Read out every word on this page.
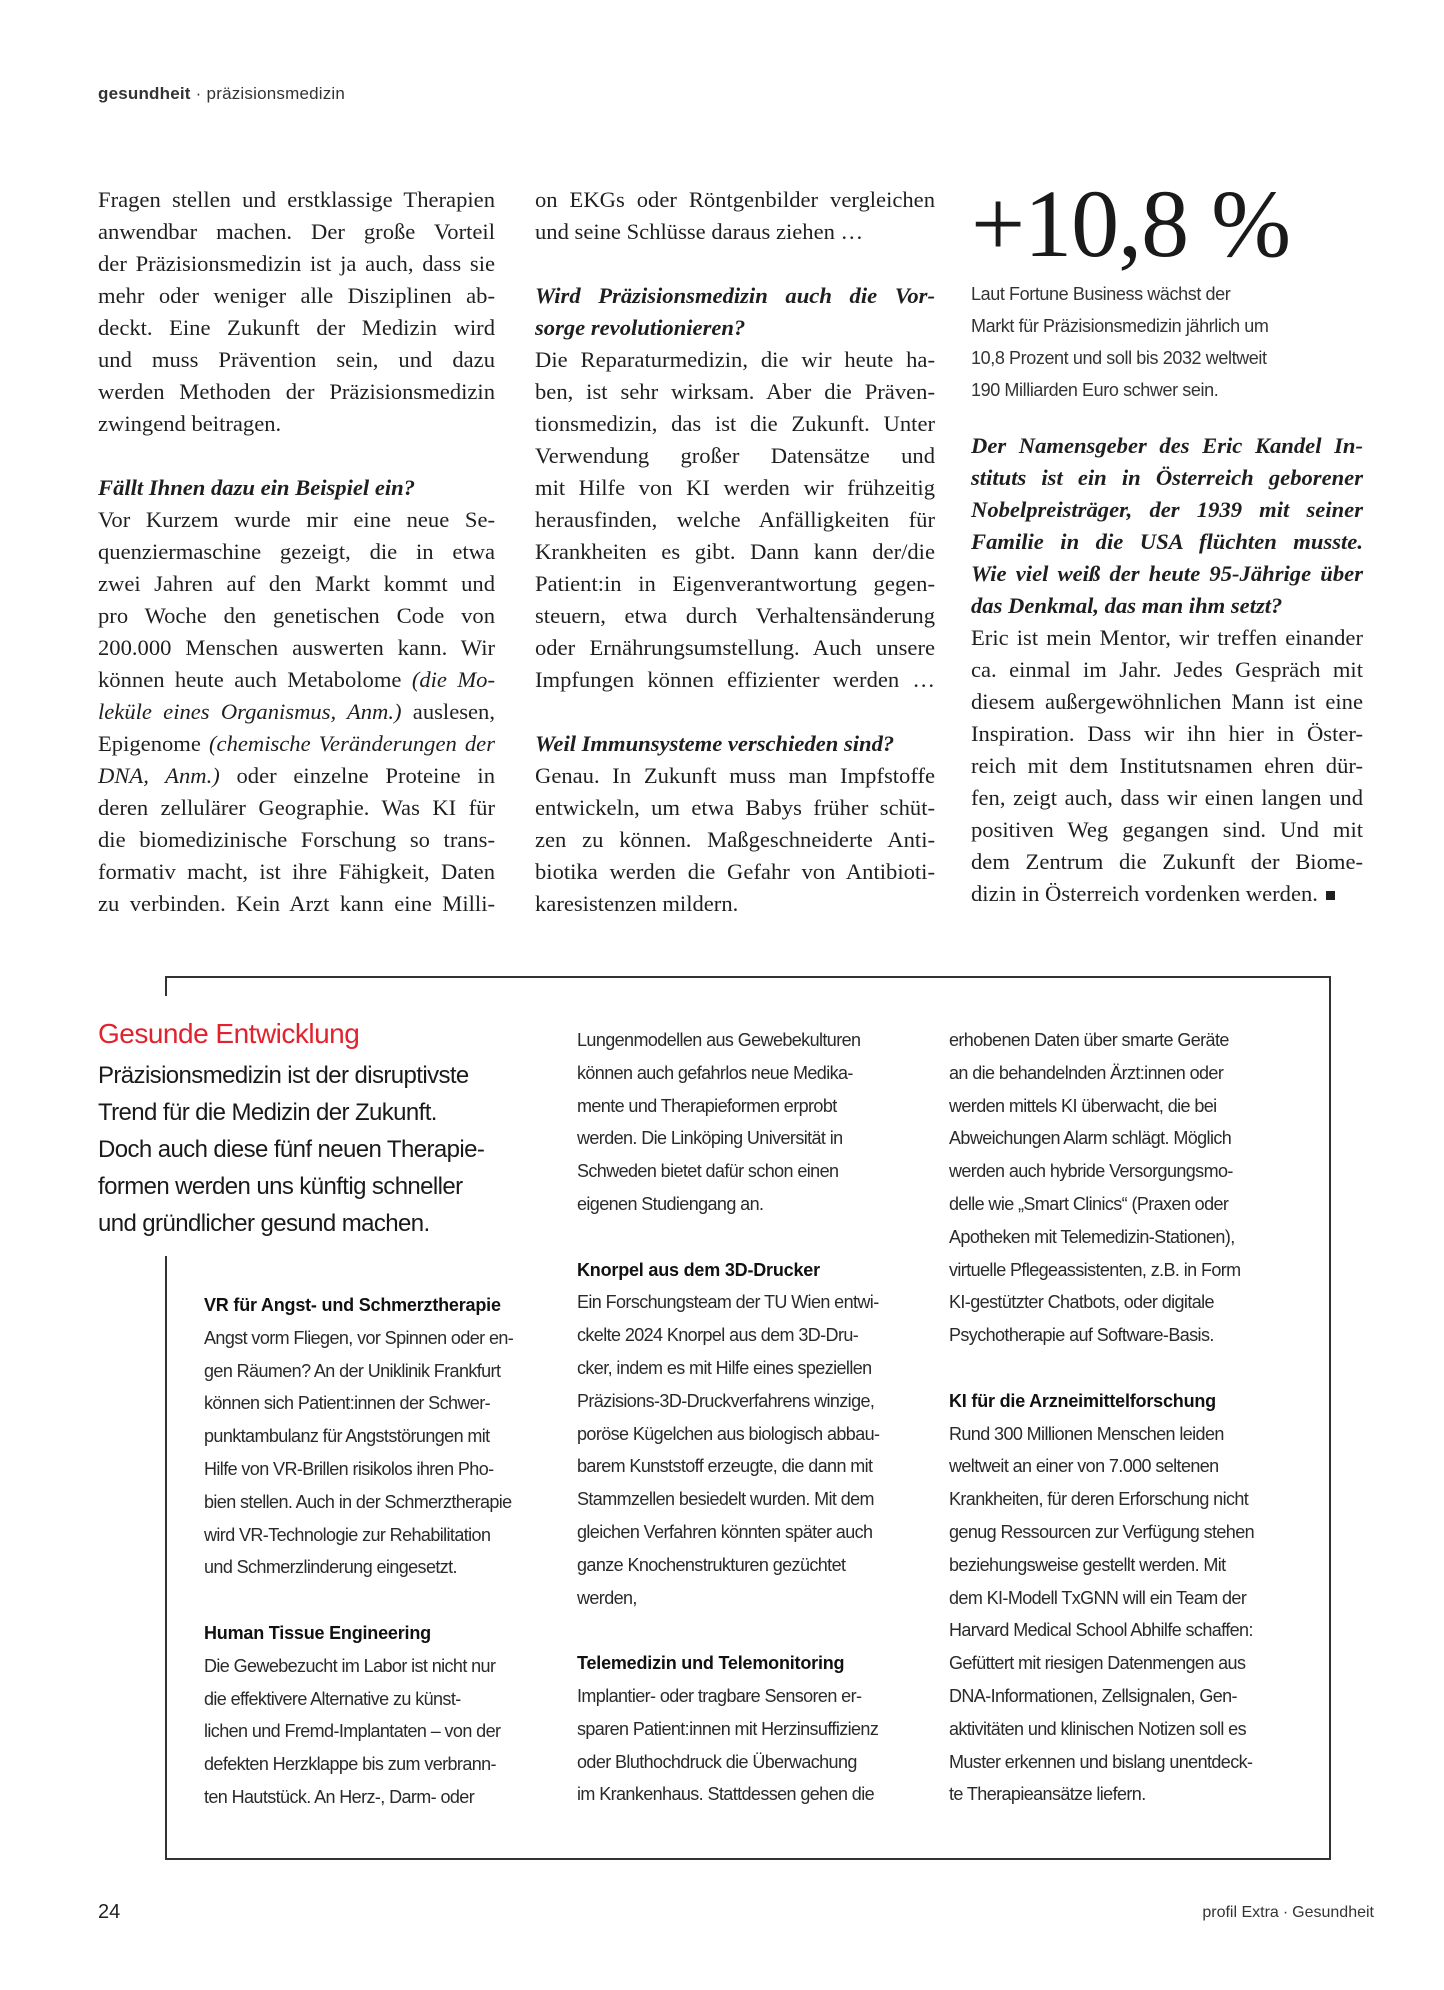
gesundheit · präzisionsmedizin
Fragen stellen und erstklassige Therapien
anwendbar machen. Der große Vorteil
der Präzisionsmedizin ist ja auch, dass sie
mehr oder weniger alle Disziplinen ab-
deckt. Eine Zukunft der Medizin wird
und muss Prävention sein, und dazu
werden Methoden der Präzisionsmedizin
zwingend beitragen.
Fällt Ihnen dazu ein Beispiel ein?
Vor Kurzem wurde mir eine neue Se-
quenziermaschine gezeigt, die in etwa
zwei Jahren auf den Markt kommt und
pro Woche den genetischen Code von
200.000 Menschen auswerten kann. Wir
können heute auch Metabolome (die Mo-
leküle eines Organismus, Anm.) auslesen,
Epigenome (chemische Veränderungen der
DNA, Anm.) oder einzelne Proteine in
deren zellulärer Geographie. Was KI für
die biomedizinische Forschung so trans-
formativ macht, ist ihre Fähigkeit, Daten
zu verbinden. Kein Arzt kann eine Milli-
on EKGs oder Röntgenbilder vergleichen
und seine Schlüsse daraus ziehen …
Wird Präzisionsmedizin auch die Vor-
sorge revolutionieren?
Die Reparaturmedizin, die wir heute ha-
ben, ist sehr wirksam. Aber die Präven-
tionsmedizin, das ist die Zukunft. Unter
Verwendung großer Datensätze und
mit Hilfe von KI werden wir frühzeitig
herausfinden, welche Anfälligkeiten für
Krankheiten es gibt. Dann kann der/die
Patient:in in Eigenverantwortung gegen-
steuern, etwa durch Verhaltensänderung
oder Ernährungsumstellung. Auch unsere
Impfungen können effizienter werden …
Weil Immunsysteme verschieden sind?
Genau. In Zukunft muss man Impfstoffe
entwickeln, um etwa Babys früher schüt-
zen zu können. Maßgeschneiderte Anti-
biotika werden die Gefahr von Antibioti-
karesistenzen mildern.
+10,8 %
Laut Fortune Business wächst der
Markt für Präzisionsmedizin jährlich um
10,8 Prozent und soll bis 2032 weltweit
190 Milliarden Euro schwer sein.
Der Namensgeber des Eric Kandel In-
stituts ist ein in Österreich geborener
Nobelpreisträger, der 1939 mit seiner
Familie in die USA flüchten musste.
Wie viel weiß der heute 95-Jährige über
das Denkmal, das man ihm setzt?
Eric ist mein Mentor, wir treffen einander
ca. einmal im Jahr. Jedes Gespräch mit
diesem außergewöhnlichen Mann ist eine
Inspiration. Dass wir ihn hier in Öster-
reich mit dem Institutsnamen ehren dür-
fen, zeigt auch, dass wir einen langen und
positiven Weg gegangen sind. Und mit
dem Zentrum die Zukunft der Biome-
dizin in Österreich vordenken werden.
Gesunde Entwicklung
Präzisionsmedizin ist der disruptivste
Trend für die Medizin der Zukunft.
Doch auch diese fünf neuen Therapie-
formen werden uns künftig schneller
und gründlicher gesund machen.
VR für Angst- und Schmerztherapie
Angst vorm Fliegen, vor Spinnen oder en-
gen Räumen? An der Uniklinik Frankfurt
können sich Patient:innen der Schwer-
punktambulanz für Angststörungen mit
Hilfe von VR-Brillen risikolos ihren Pho-
bien stellen. Auch in der Schmerztherapie
wird VR-Technologie zur Rehabilitation
und Schmerzlinderung eingesetzt.
Human Tissue Engineering
Die Gewebezucht im Labor ist nicht nur
die effektivere Alternative zu künst-
lichen und Fremd-Implantaten – von der
defekten Herzklappe bis zum verbrann-
ten Hautstück. An Herz-, Darm- oder
Lungenmodellen aus Gewebekulturen
können auch gefahrlos neue Medika-
mente und Therapieformen erprobt
werden. Die Linköping Universität in
Schweden bietet dafür schon einen
eigenen Studiengang an.
Knorpel aus dem 3D-Drucker
Ein Forschungsteam der TU Wien entwi-
ckelte 2024 Knorpel aus dem 3D-Dru-
cker, indem es mit Hilfe eines speziellen
Präzisions-3D-Druckverfahrens winzige,
poröse Kügelchen aus biologisch abbau-
barem Kunststoff erzeugte, die dann mit
Stammzellen besiedelt wurden. Mit dem
gleichen Verfahren könnten später auch
ganze Knochenstrukturen gezüchtet
werden,
Telemedizin und Telemonitoring
Implantier- oder tragbare Sensoren er-
sparen Patient:innen mit Herzinsuffizienz
oder Bluthochdruck die Überwachung
im Krankenhaus. Stattdessen gehen die
erhobenen Daten über smarte Geräte
an die behandelnden Ärzt:innen oder
werden mittels KI überwacht, die bei
Abweichungen Alarm schlägt. Möglich
werden auch hybride Versorgungsmo-
delle wie „Smart Clinics“ (Praxen oder
Apotheken mit Telemedizin-Stationen),
virtuelle Pflegeassistenten, z.B. in Form
KI-gestützter Chatbots, oder digitale
Psychotherapie auf Software-Basis.
KI für die Arzneimittelforschung
Rund 300 Millionen Menschen leiden
weltweit an einer von 7.000 seltenen
Krankheiten, für deren Erforschung nicht
genug Ressourcen zur Verfügung stehen
beziehungsweise gestellt werden. Mit
dem KI-Modell TxGNN will ein Team der
Harvard Medical School Abhilfe schaffen:
Gefüttert mit riesigen Datenmengen aus
DNA-Informationen, Zellsignalen, Gen-
aktivitäten und klinischen Notizen soll es
Muster erkennen und bislang unentdeck-
te Therapieansätze liefern.
24	profil Extra · Gesundheit
